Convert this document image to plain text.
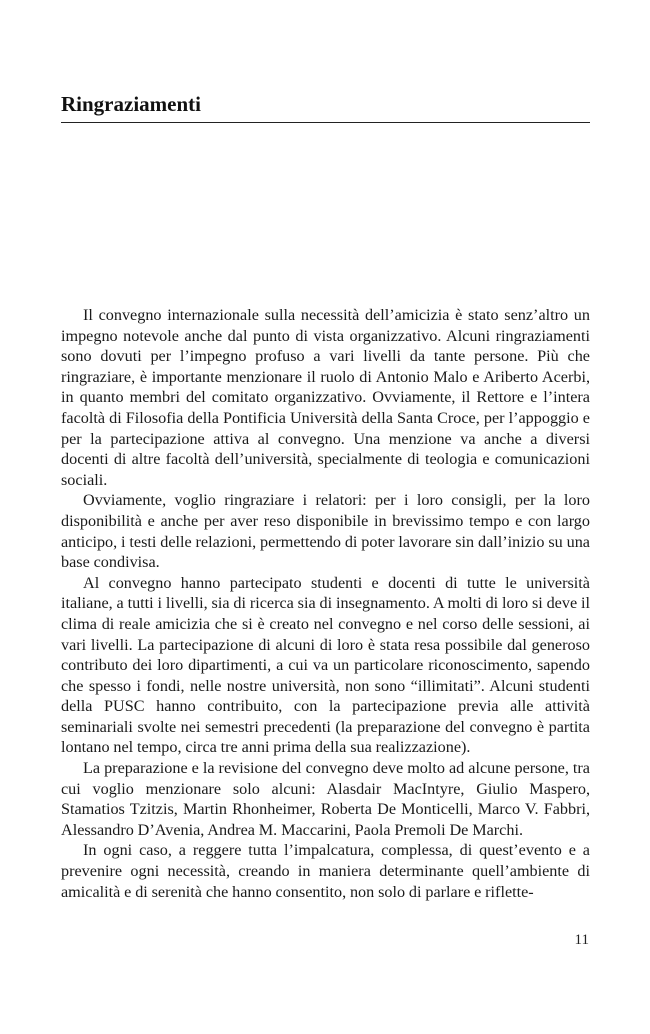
Ringraziamenti

Il convegno internazionale sulla necessità dell’amicizia è stato senz’altro un impegno notevole anche dal punto di vista organizzativo. Alcuni ringraziamenti sono dovuti per l’impegno profuso a vari livelli da tante persone. Più che ringraziare, è importante menzionare il ruolo di Antonio Malo e Ariberto Acerbi, in quanto membri del comitato organizzativo. Ovviamente, il Rettore e l’intera facoltà di Filosofia della Pontificia Università della Santa Croce, per l’appoggio e per la partecipazione attiva al convegno. Una menzione va anche a diversi docenti di altre facoltà dell’università, specialmente di teologia e comunicazioni sociali.

Ovviamente, voglio ringraziare i relatori: per i loro consigli, per la loro disponibilità e anche per aver reso disponibile in brevissimo tempo e con largo anticipo, i testi delle relazioni, permettendo di poter lavorare sin dall’inizio su una base condivisa.

Al convegno hanno partecipato studenti e docenti di tutte le università italiane, a tutti i livelli, sia di ricerca sia di insegnamento. A molti di loro si deve il clima di reale amicizia che si è creato nel convegno e nel corso delle sessioni, ai vari livelli. La partecipazione di alcuni di loro è stata resa possibile dal generoso contributo dei loro dipartimenti, a cui va un particolare riconoscimento, sapendo che spesso i fondi, nelle nostre università, non sono “illimitati”. Alcuni studenti della PUSC hanno contribuito, con la partecipazione previa alle attività seminariali svolte nei semestri precedenti (la preparazione del convegno è partita lontano nel tempo, circa tre anni prima della sua realizzazione).

La preparazione e la revisione del convegno deve molto ad alcune persone, tra cui voglio menzionare solo alcuni: Alasdair MacIntyre, Giulio Maspero, Stamatios Tzitzis, Martin Rhonheimer, Roberta De Monticelli, Marco V. Fabbri, Alessandro D’Avenia, Andrea M. Maccarini, Paola Premoli De Marchi.

In ogni caso, a reggere tutta l’impalcatura, complessa, di quest’evento e a prevenire ogni necessità, creando in maniera determinante quell’ambiente di amicalità e di serenità che hanno consentito, non solo di parlare e riflette-

11
